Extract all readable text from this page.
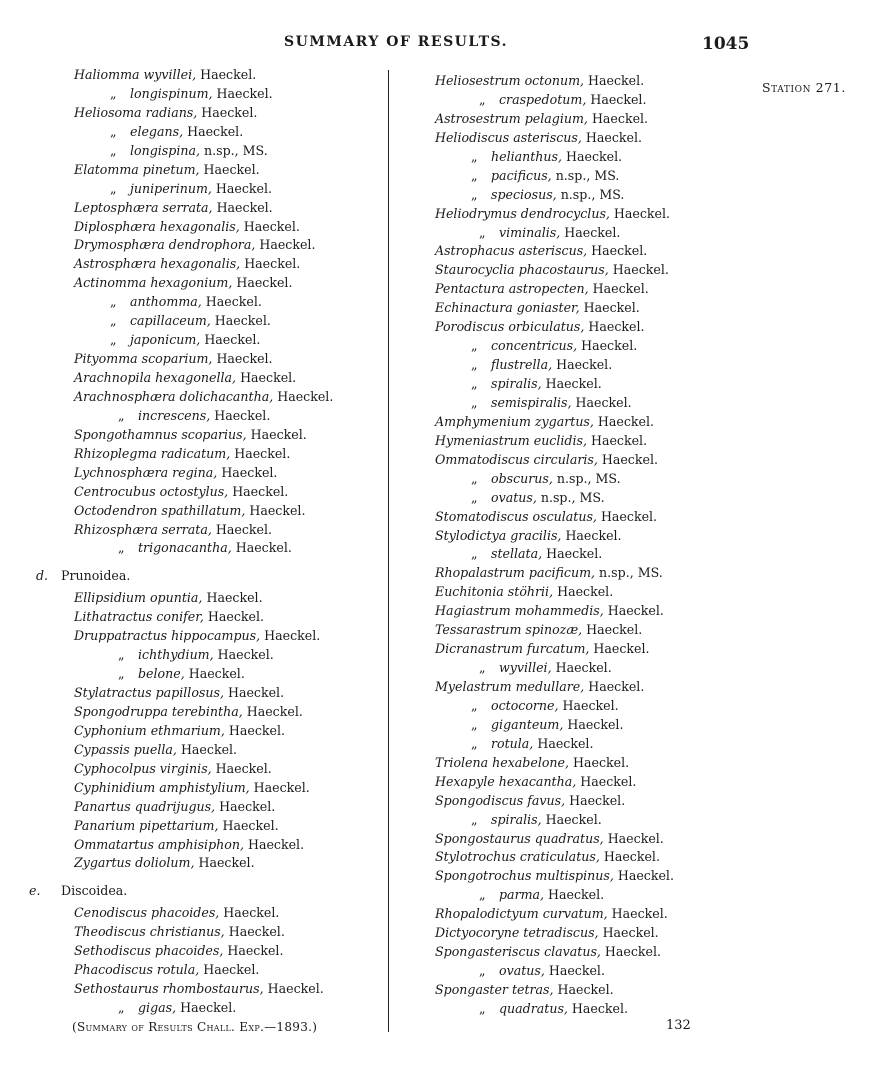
SUMMARY OF RESULTS.	1045
Station 271.
Haliomma wyvillei, Haeckel.
„ longispinum, Haeckel.
Heliosoma radians, Haeckel.
„ elegans, Haeckel.
„ longispina, n.sp., MS.
Elatomma pinetum, Haeckel.
„ juniperinum, Haeckel.
Leptosphæra serrata, Haeckel.
Diplosphæra hexagonalis, Haeckel.
Drymosphæra dendrophora, Haeckel.
Astrosphæra hexagonalis, Haeckel.
Actinomma hexagonium, Haeckel.
„ anthomma, Haeckel.
„ capillaceum, Haeckel.
„ japonicum, Haeckel.
Pityomma scoparium, Haeckel.
Arachnopila hexagonella, Haeckel.
Arachnosphæra dolichacantha, Haeckel.
„ increscens, Haeckel.
Spongothamnus scoparius, Haeckel.
Rhizoplegma radicatum, Haeckel.
Lychnosphæra regina, Haeckel.
Centrocubus octostylus, Haeckel.
Octodendron spathillatum, Haeckel.
Rhizosphæra serrata, Haeckel.
„ trigonacantha, Haeckel.
d. Prunoidea.
Ellipsidium opuntia, Haeckel.
Lithatractus conifer, Haeckel.
Druppatractus hippocampus, Haeckel.
„ ichthydium, Haeckel.
„ belone, Haeckel.
Stylatractus papillosus, Haeckel.
Spongodruppa terebintha, Haeckel.
Cyphonium ethmarium, Haeckel.
Cypassis puella, Haeckel.
Cyphocolpus virginis, Haeckel.
Cyphinidium amphistylium, Haeckel.
Panartus quadrijugus, Haeckel.
Panarium pipettarium, Haeckel.
Ommatartus amphisiphon, Haeckel.
Zygartus doliolum, Haeckel.
e. Discoidea.
Cenodiscus phacoides, Haeckel.
Theodiscus christianus, Haeckel.
Sethodiscus phacoides, Haeckel.
Phacodiscus rotula, Haeckel.
Sethostaurus rhombostaurus, Haeckel.
„ gigas, Haeckel.
Heliosestrum octonum, Haeckel.
„ craspedotum, Haeckel.
Astrosestrum pelagium, Haeckel.
Heliodiscus asteriscus, Haeckel.
„ helianthus, Haeckel.
„ pacificus, n.sp., MS.
„ speciosus, n.sp., MS.
Heliodrymus dendrocyclus, Haeckel.
„ viminalis, Haeckel.
Astrophacus asteriscus, Haeckel.
Staurocyclia phacostaurus, Haeckel.
Pentactura astropecten, Haeckel.
Echinactura goniaster, Haeckel.
Porodiscus orbiculatus, Haeckel.
„ concentricus, Haeckel.
„ flustrella, Haeckel.
„ spiralis, Haeckel.
„ semispiralis, Haeckel.
Amphymenium zygartus, Haeckel.
Hymeniastrum euclidis, Haeckel.
Ommatodiscus circularis, Haeckel.
„ obscurus, n.sp., MS.
„ ovatus, n.sp., MS.
Stomatodiscus osculatus, Haeckel.
Stylodictya gracilis, Haeckel.
„ stellata, Haeckel.
Rhopalastrum pacificum, n.sp., MS.
Euchitonia stöhrii, Haeckel.
Hagiastrum mohammedis, Haeckel.
Tessarastrum spinozæ, Haeckel.
Dicranastrum furcatum, Haeckel.
„ wyvillei, Haeckel.
Myelastrum medullare, Haeckel.
„ octocorne, Haeckel.
„ giganteum, Haeckel.
„ rotula, Haeckel.
Triolena hexabelone, Haeckel.
Hexapyle hexacantha, Haeckel.
Spongodiscus favus, Haeckel.
„ spiralis, Haeckel.
Spongostaurus quadratus, Haeckel.
Stylotrochus craticulatus, Haeckel.
Spongotrochus multispinus, Haeckel.
„ parma, Haeckel.
Rhopalodictyum curvatum, Haeckel.
Dictyocoryne tetradiscus, Haeckel.
Spongasteriscus clavatus, Haeckel.
„ ovatus, Haeckel.
Spongaster tetras, Haeckel.
„ quadratus, Haeckel.
(Summary of Results Chall. Exp.—1893.)	132
